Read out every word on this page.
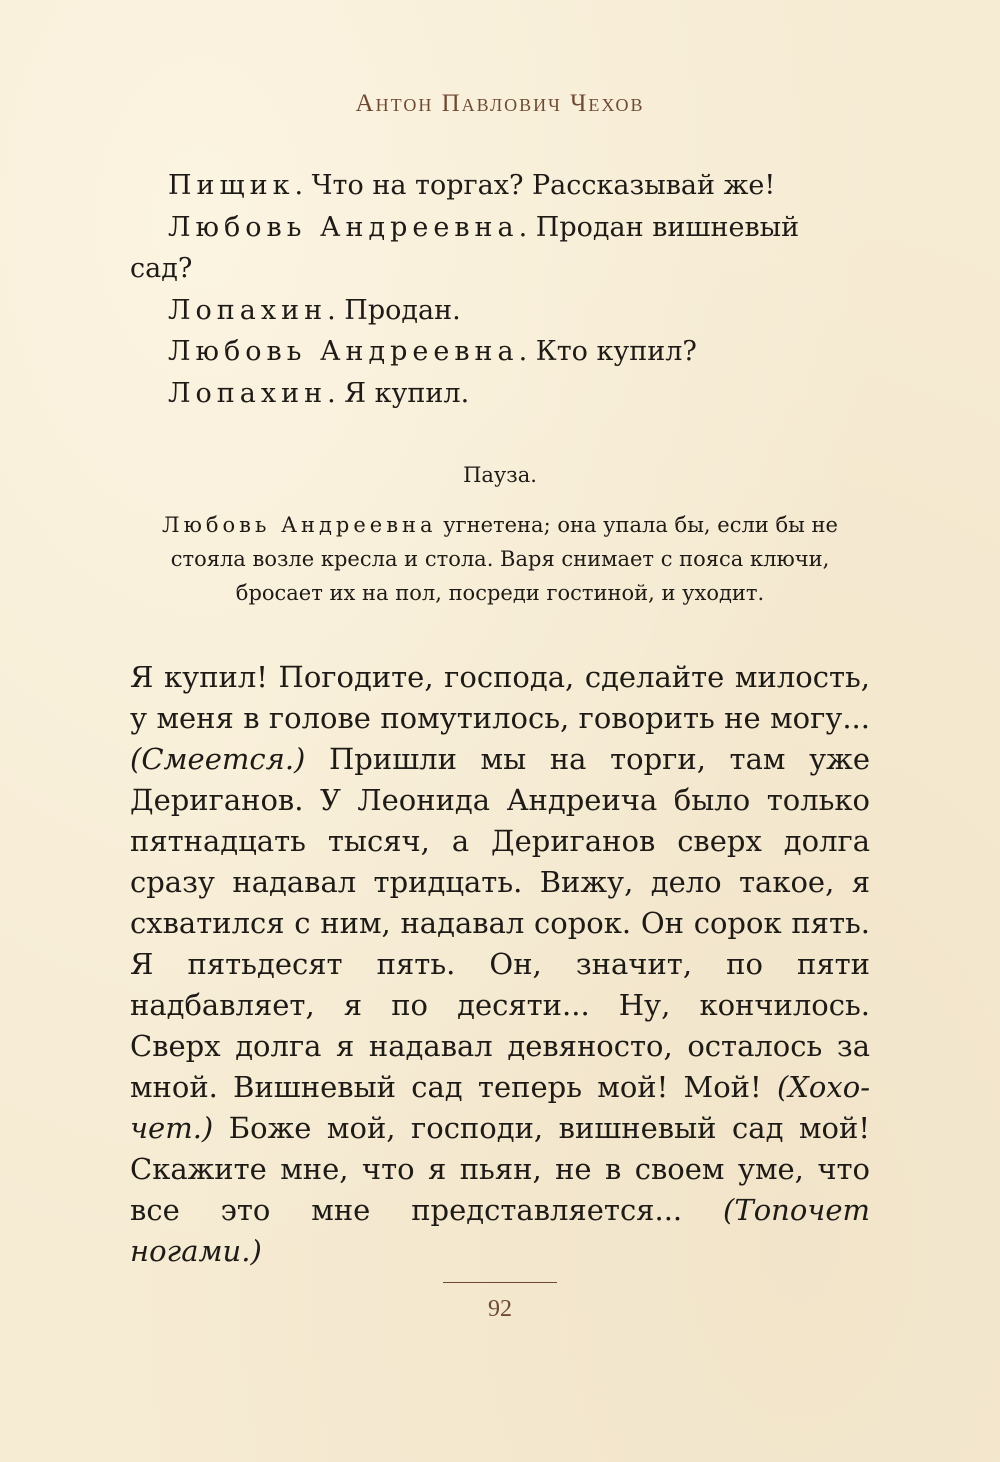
Антон Павлович Чехов

Пищик. Что на торгах? Рассказывай же!

Любовь Андреевна. Продан вишневый сад?

Лопахин. Продан.

Любовь Андреевна. Кто купил?

Лопахин. Я купил.

Пауза.
Любовь Андреевна угнетена; она упала бы, если бы не стояла возле кресла и стола. Варя снимает с пояса ключи, бросает их на пол, посреди гостиной, и уходит.
Я купил! Погодите, господа, сделайте милость, у меня в голове помутилось, говорить не могу... (Смеется.) Пришли мы на торги, там уже Дериганов. У Леонида Андреича было только пятнадцать тысяч, а Дериганов сверх долга сразу надавал тридцать. Вижу, дело такое, я схватился с ним, надавал сорок. Он сорок пять. Я пятьдесят пять. Он, значит, по пяти надбавляет, я по десяти... Ну, кончилось. Сверх долга я надавал девяносто, осталось за мной. Вишневый сад теперь мой! Мой! (Хохочет.) Боже мой, господи, вишневый сад мой! Скажите мне, что я пьян, не в своем уме, что все это мне представляется... (Топочет ногами.)
92
